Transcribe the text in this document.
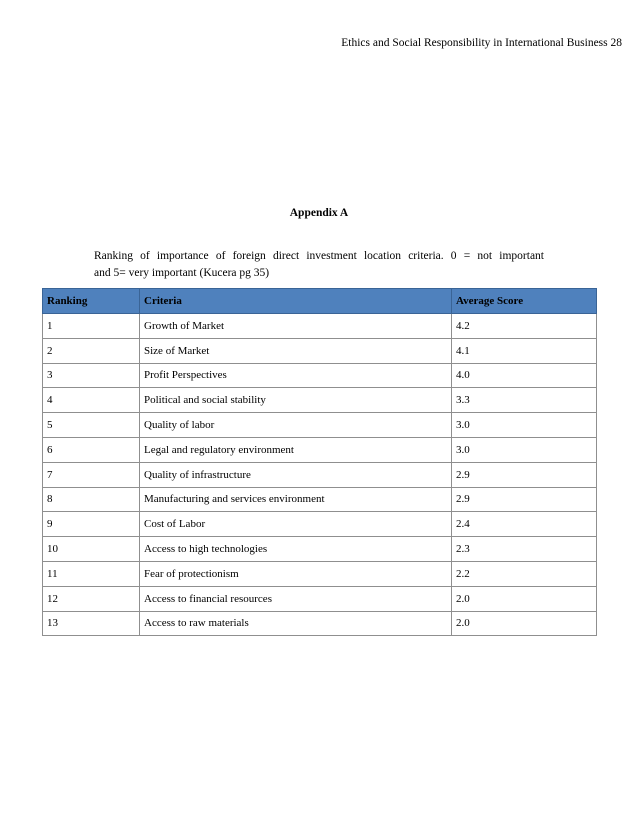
Ethics and Social Responsibility in International Business 28
Appendix A
Ranking of importance of foreign direct investment location criteria. 0 = not important
and 5= very important (Kucera pg 35)
Ranking	Criteria	Average Score
1	Growth of Market	4.2
2	Size of Market	4.1
3	Profit Perspectives	4.0
4	Political and social stability	3.3
5	Quality of labor	3.0
6	Legal and regulatory environment	3.0
7	Quality of infrastructure	2.9
8	Manufacturing and services environment	2.9
9	Cost of Labor	2.4
10	Access to high technologies	2.3
11	Fear of protectionism	2.2
12	Access to financial resources	2.0
13	Access to raw materials	2.0
